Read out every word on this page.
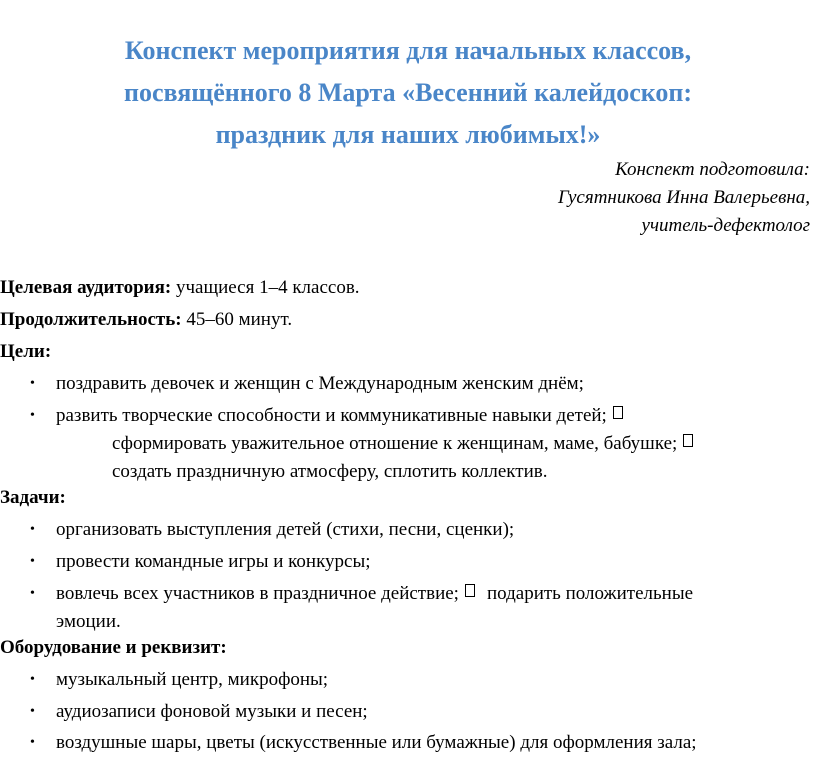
Конспект мероприятия для начальных классов,
посвящённого 8 Марта «Весенний калейдоскоп:
праздник для наших любимых!»
Конспект подготовила:
Гусятникова Инна Валерьевна,
учитель-дефектолог
Целевая аудитория: учащиеся 1–4 классов.
Продолжительность: 45–60 минут.
Цели:
• поздравить девочек и женщин с Международным женским днём;
• развить творческие способности и коммуникативные навыки детей;
сформировать уважительное отношение к женщинам, маме, бабушке;
создать праздничную атмосферу, сплотить коллектив.
Задачи:
• организовать выступления детей (стихи, песни, сценки);
• провести командные игры и конкурсы;
• вовлечь всех участников в праздничное действие; подарить положительные
эмоции.
Оборудование и реквизит:
• музыкальный центр, микрофоны;
• аудиозаписи фоновой музыки и песен;
• воздушные шары, цветы (искусственные или бумажные) для оформления зала;
